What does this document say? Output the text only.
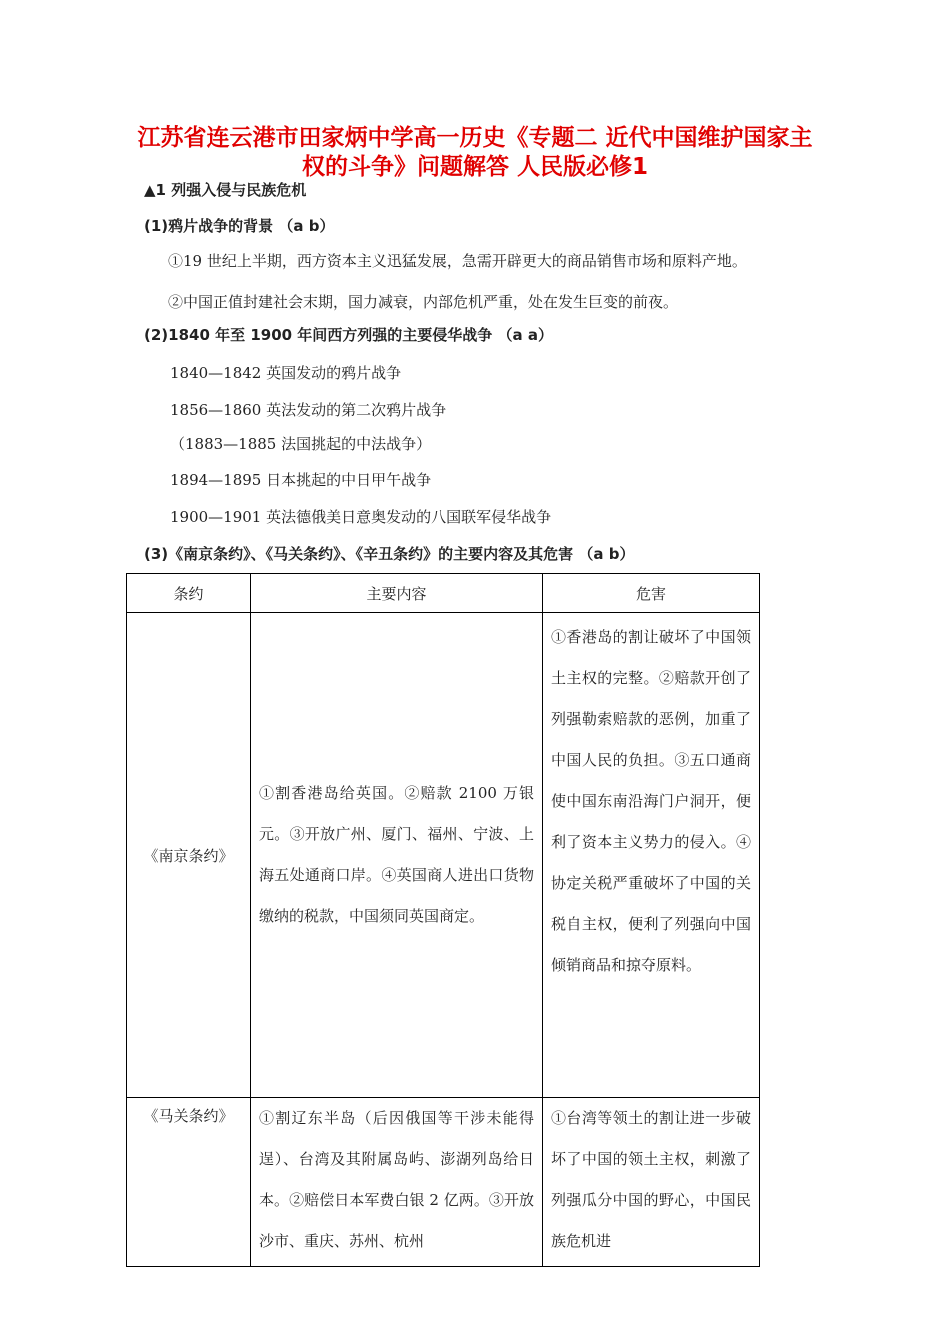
江苏省连云港市田家炳中学高一历史《专题二 近代中国维护国家主
权的斗争》问题解答 人民版必修1
▲1 列强入侵与民族危机
(1)鸦片战争的背景 （a b）
①19 世纪上半期，西方资本主义迅猛发展，急需开辟更大的商品销售市场和原料产地。
②中国正值封建社会末期，国力减衰，内部危机严重，处在发生巨变的前夜。
(2)1840 年至 1900 年间西方列强的主要侵华战争 （a a）
1840—1842 英国发动的鸦片战争
1856—1860 英法发动的第二次鸦片战争
（1883—1885 法国挑起的中法战争）
1894—1895 日本挑起的中日甲午战争
1900—1901 英法德俄美日意奥发动的八国联军侵华战争
(3)《南京条约》、《马关条约》、《辛丑条约》的主要内容及其危害 （a b）
条约	主要内容	危害
《南京条约》	①割香港岛给英国。②赔款 2100 万银元。③开放广州、厦门、福州、宁波、上海五处通商口岸。④英国商人进出口货物缴纳的税款，中国须同英国商定。	①香港岛的割让破坏了中国领土主权的完整。②赔款开创了列强勒索赔款的恶例，加重了中国人民的负担。③五口通商使中国东南沿海门户洞开，便利了资本主义势力的侵入。④协定关税严重破坏了中国的关税自主权，便利了列强向中国倾销商品和掠夺原料。

《马关条约》	①割辽东半岛（后因俄国等干涉未能得逞）、台湾及其附属岛屿、澎湖列岛给日本。②赔偿日本军费白银 2 亿两。③开放沙市、重庆、苏州、杭州	①台湾等领土的割让进一步破坏了中国的领土主权，刺激了列强瓜分中国的野心，中国民族危机进
